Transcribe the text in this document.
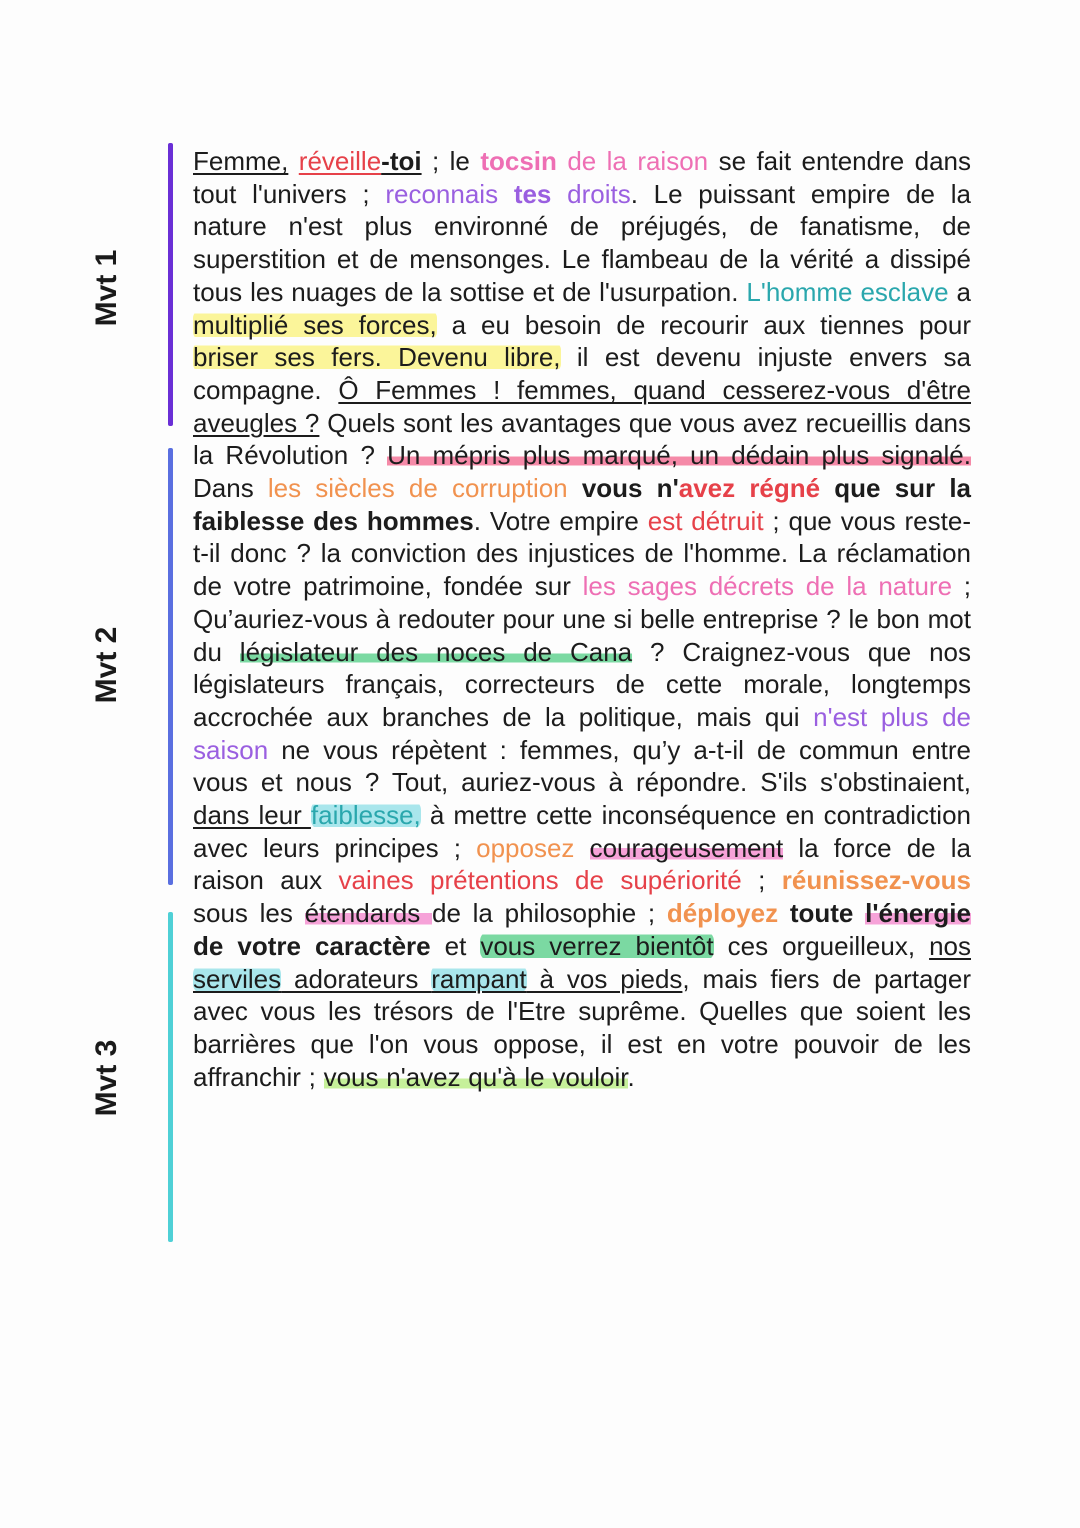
Mvt 1
Mvt 2
Mvt 3
Femme, réveille-toi ; le tocsin de la raison se fait entendre dans tout l'univers ; reconnais tes droits. Le puissant empire de la nature n'est plus environné de préjugés, de fanatisme, de superstition et de mensonges. Le flambeau de la vérité a dissipé tous les nuages de la sottise et de l'usurpation. L'homme esclave a multiplié ses forces, a eu besoin de recourir aux tiennes pour briser ses fers. Devenu libre, il est devenu injuste envers sa compagne. Ô Femmes ! femmes, quand cesserez-vous d'être aveugles ? Quels sont les avantages que vous avez recueillis dans la Révolution ? Un mépris plus marqué, un dédain plus signalé. Dans les siècles de corruption vous n'avez régné que sur la faiblesse des hommes. Votre empire est détruit ; que vous reste-t-il donc ? la conviction des injustices de l'homme. La réclamation de votre patrimoine, fondée sur les sages décrets de la nature ; Qu’auriez-vous à redouter pour une si belle entreprise ? le bon mot du législateur des noces de Cana ? Craignez-vous que nos législateurs français, correcteurs de cette morale, longtemps accrochée aux branches de la politique, mais qui n'est plus de saison ne vous répètent : femmes, qu’y a-t-il de commun entre vous et nous ? Tout, auriez-vous à répondre. S'ils s'obstinaient, dans leur faiblesse, à mettre cette inconséquence en contradiction avec leurs principes ; opposez courageusement la force de la raison aux vaines prétentions de supériorité ; réunissez-vous sous les étendards de la philosophie ; déployez toute l'énergie de votre caractère et vous verrez bientôt ces orgueilleux, nos serviles adorateurs rampant à vos pieds, mais fiers de partager avec vous les trésors de l'Etre suprême. Quelles que soient les barrières que l'on vous oppose, il est en votre pouvoir de les affranchir ; vous n'avez qu'à le vouloir.
